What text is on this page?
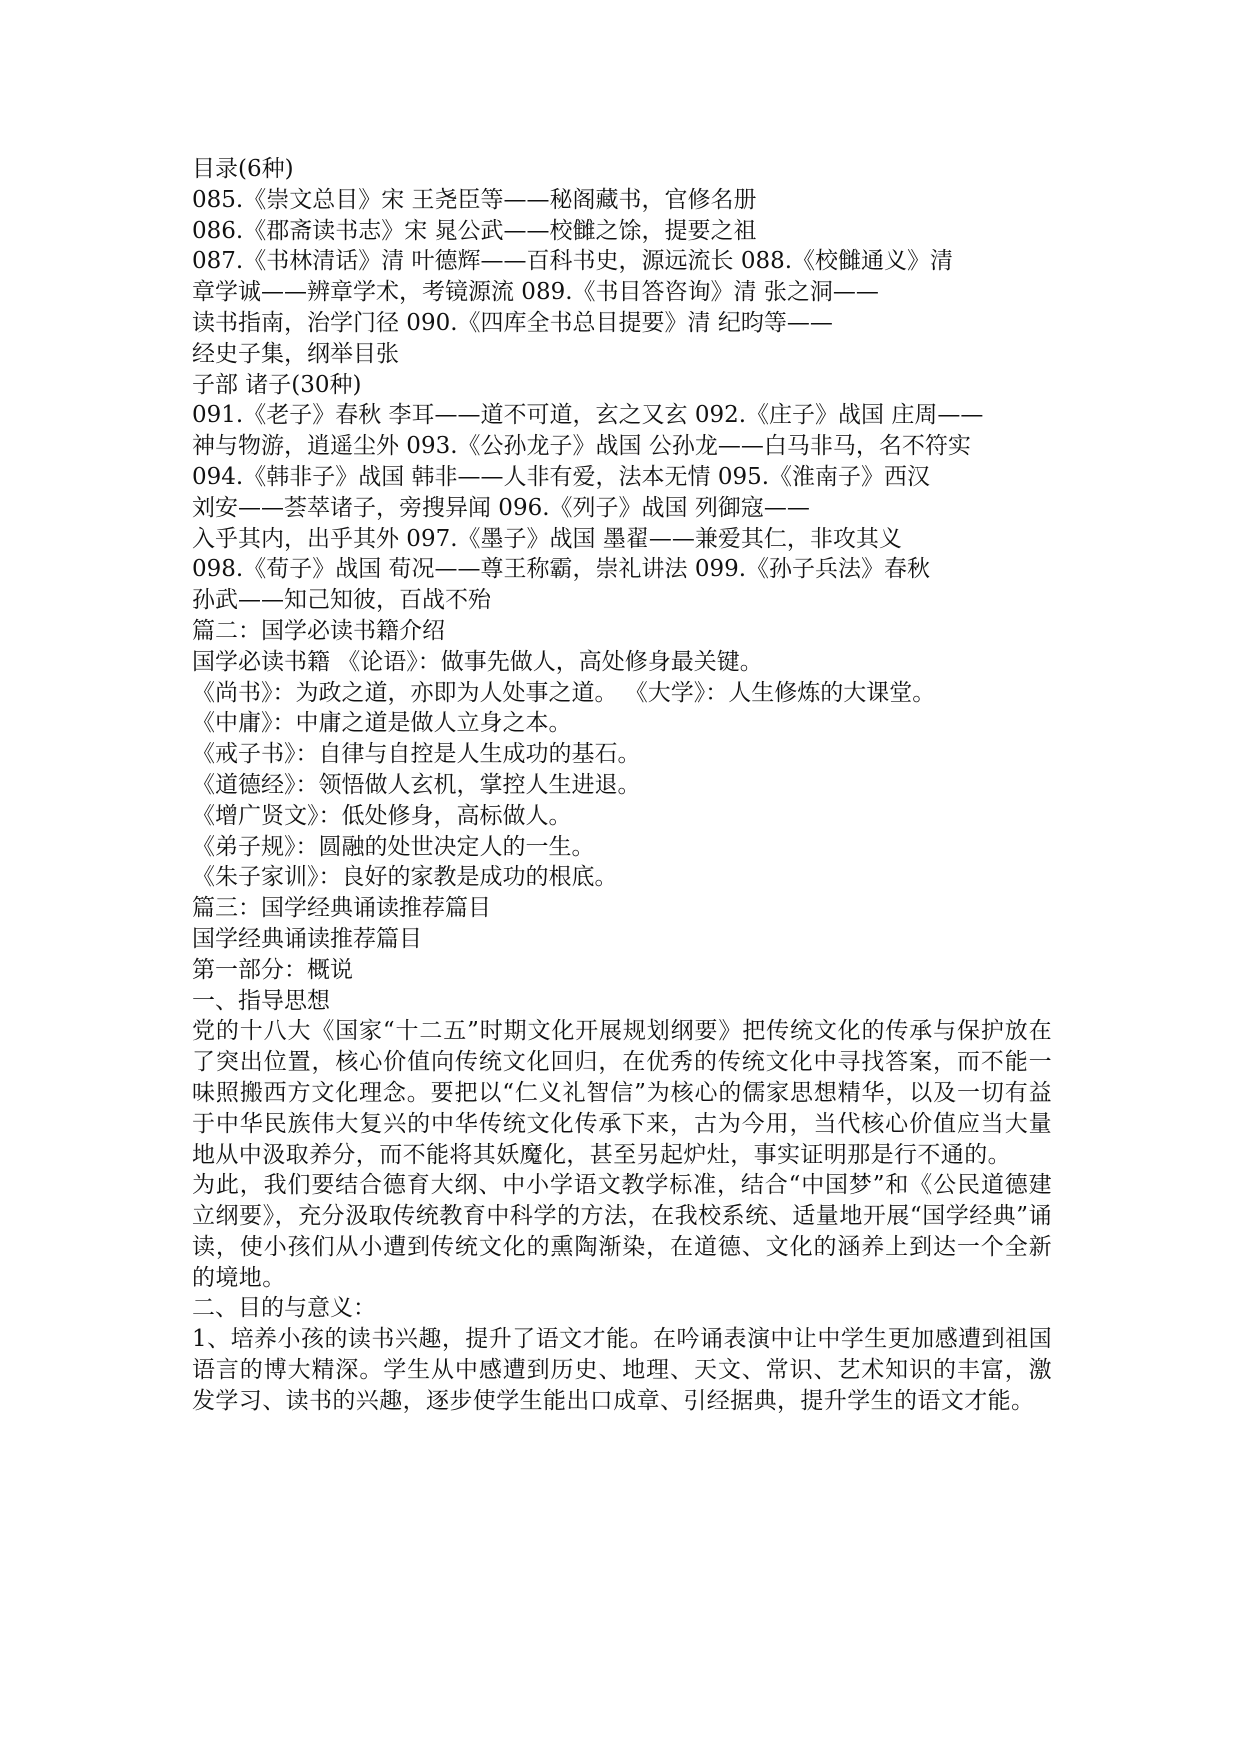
目录(6种)
085.《崇文总目》宋 王尧臣等——秘阁藏书，官修名册
086.《郡斋读书志》宋 晁公武——校雠之馀，提要之祖
087.《书林清话》清 叶德辉——百科书史，源远流长 088.《校雠通义》清
章学诚——辨章学术，考镜源流 089.《书目答咨询》清 张之洞——
读书指南，治学门径 090.《四库全书总目提要》清 纪昀等——
经史子集，纲举目张
子部 诸子(30种)
091.《老子》春秋 李耳——道不可道，玄之又玄 092.《庄子》战国 庄周——
神与物游，逍遥尘外 093.《公孙龙子》战国 公孙龙——白马非马，名不符实
094.《韩非子》战国 韩非——人非有爱，法本无情 095.《淮南子》西汉
刘安——荟萃诸子，旁搜异闻 096.《列子》战国 列御寇——
入乎其内，出乎其外 097.《墨子》战国 墨翟——兼爱其仁，非攻其义
098.《荀子》战国 荀况——尊王称霸，崇礼讲法 099.《孙子兵法》春秋
孙武——知己知彼，百战不殆
篇二：国学必读书籍介绍
国学必读书籍 《论语》：做事先做人，高处修身最关键。
《尚书》：为政之道，亦即为人处事之道。 《大学》：人生修炼的大课堂。
《中庸》：中庸之道是做人立身之本。
《戒子书》：自律与自控是人生成功的基石。
《道德经》：领悟做人玄机，掌控人生进退。
《增广贤文》：低处修身，高标做人。
《弟子规》：圆融的处世决定人的一生。
《朱子家训》：良好的家教是成功的根底。
篇三：国学经典诵读推荐篇目
国学经典诵读推荐篇目
第一部分：概说
一、指导思想
党的十八大《国家“十二五”时期文化开展规划纲要》把传统文化的传承与保护放在了突出位置，核心价值向传统文化回归，在优秀的传统文化中寻找答案，而不能一味照搬西方文化理念。要把以“仁义礼智信”为核心的儒家思想精华，以及一切有益于中华民族伟大复兴的中华传统文化传承下来，古为今用，当代核心价值应当大量地从中汲取养分，而不能将其妖魔化，甚至另起炉灶，事实证明那是行不通的。
为此，我们要结合德育大纲、中小学语文教学标准，结合“中国梦”和《公民道德建立纲要》，充分汲取传统教育中科学的方法，在我校系统、适量地开展“国学经典”诵读，使小孩们从小遭到传统文化的熏陶渐染，在道德、文化的涵养上到达一个全新的境地。
二、目的与意义：
1、培养小孩的读书兴趣，提升了语文才能。在吟诵表演中让中学生更加感遭到祖国语言的博大精深。学生从中感遭到历史、地理、天文、常识、艺术知识的丰富，激发学习、读书的兴趣，逐步使学生能出口成章、引经据典，提升学生的语文才能。
